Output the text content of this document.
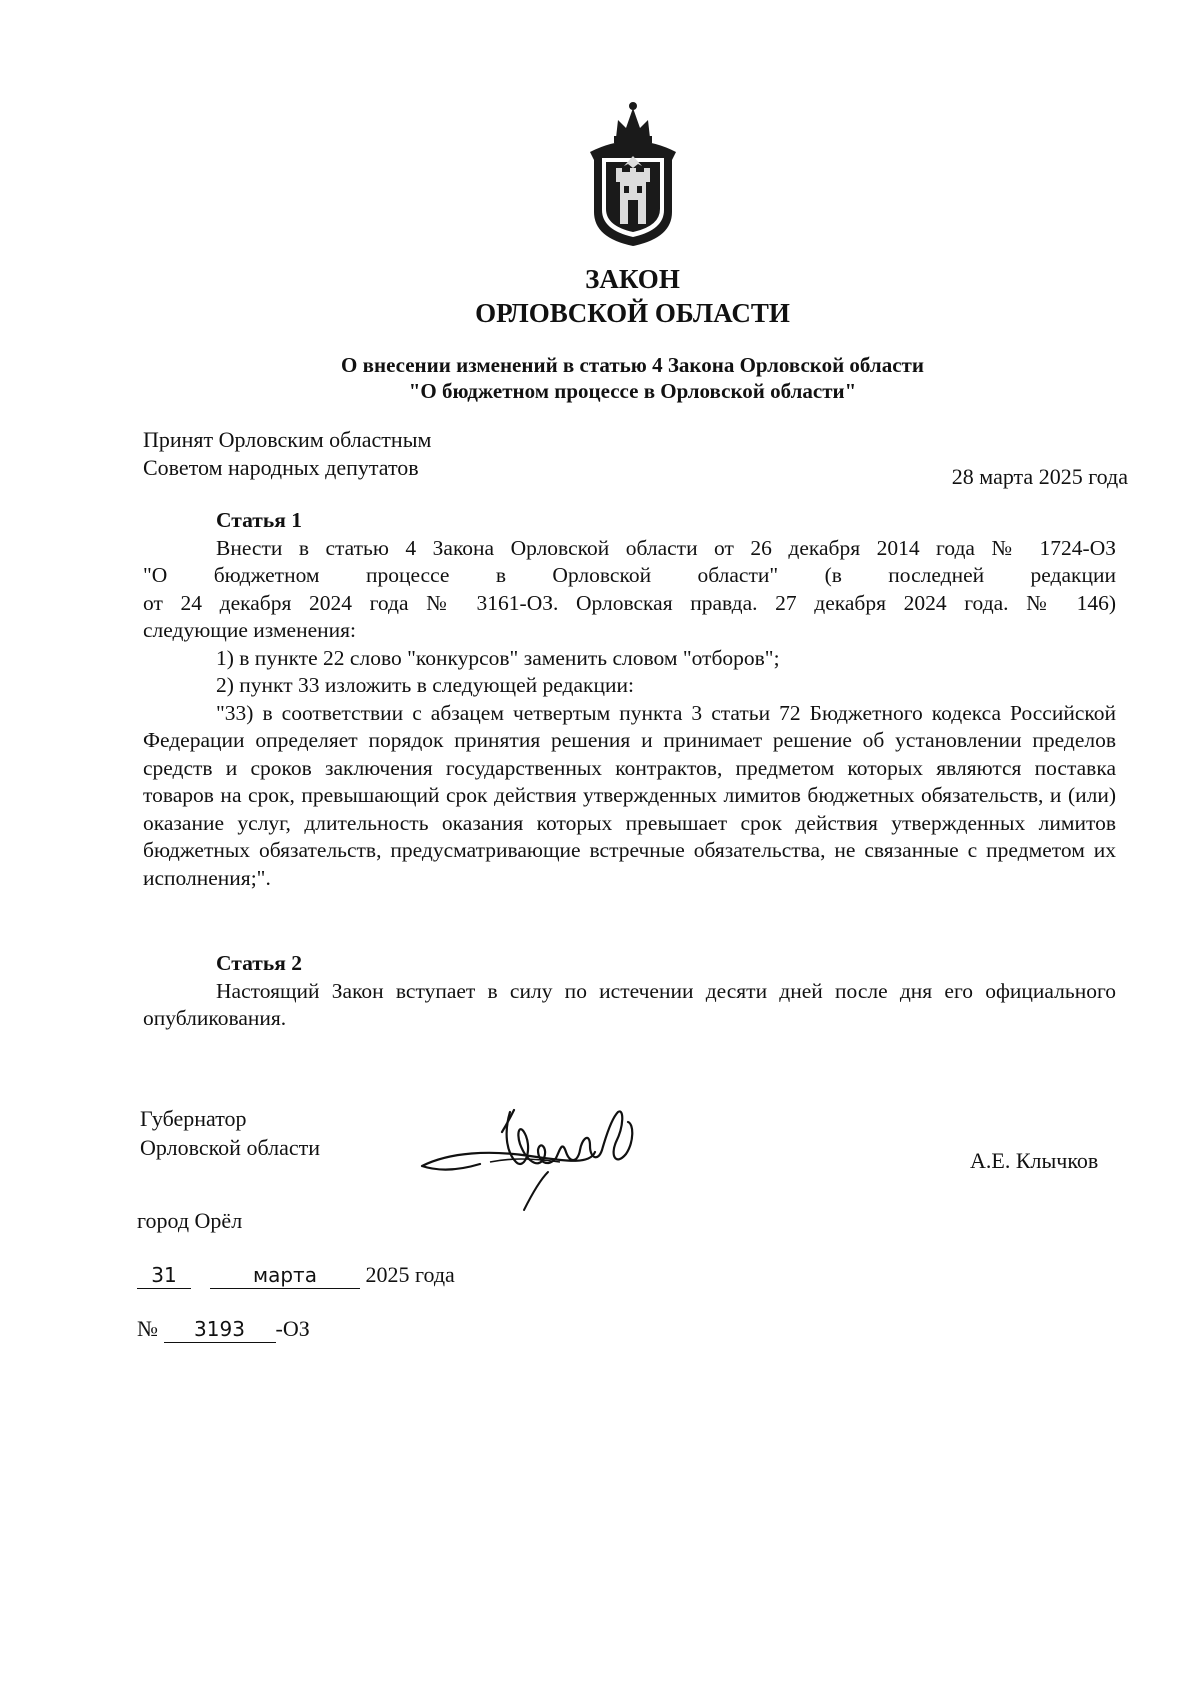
ЗАКОН
ОРЛОВСКОЙ ОБЛАСТИ
О внесении изменений в статью 4 Закона Орловской области
"О бюджетном процессе в Орловской области"
Принят Орловским областным
Советом народных депутатов	28 марта 2025 года

Статья 1

Внести в статью 4 Закона Орловской области от 26 декабря 2014 года № 1724-ОЗ

"О бюджетном процессе в Орловской области" (в последней редакции

от 24 декабря 2024 года № 3161-ОЗ. Орловская правда. 27 декабря 2024 года. № 146)

следующие изменения:

1) в пункте 22 слово "конкурсов" заменить словом "отборов";

2) пункт 33 изложить в следующей редакции:

"33) в соответствии с абзацем четвертым пункта 3 статьи 72 Бюджетного кодекса Российской Федерации определяет порядок принятия решения и принимает решение об установлении пределов средств и сроков заключения государственных контрактов, предметом которых являются поставка товаров на срок, превышающий срок действия утвержденных лимитов бюджетных обязательств, и (или) оказание услуг, длительность оказания которых превышает срок действия утвержденных лимитов бюджетных обязательств, предусматривающие встречные обязательства, не связанные с предметом их исполнения;".

Статья 2

Настоящий Закон вступает в силу по истечении десяти дней после дня его официального опубликования.

Губернатор
Орловской области
А.Е. Клычков
город Орёл
31	марта 2025 года
№ 3193 -ОЗ
